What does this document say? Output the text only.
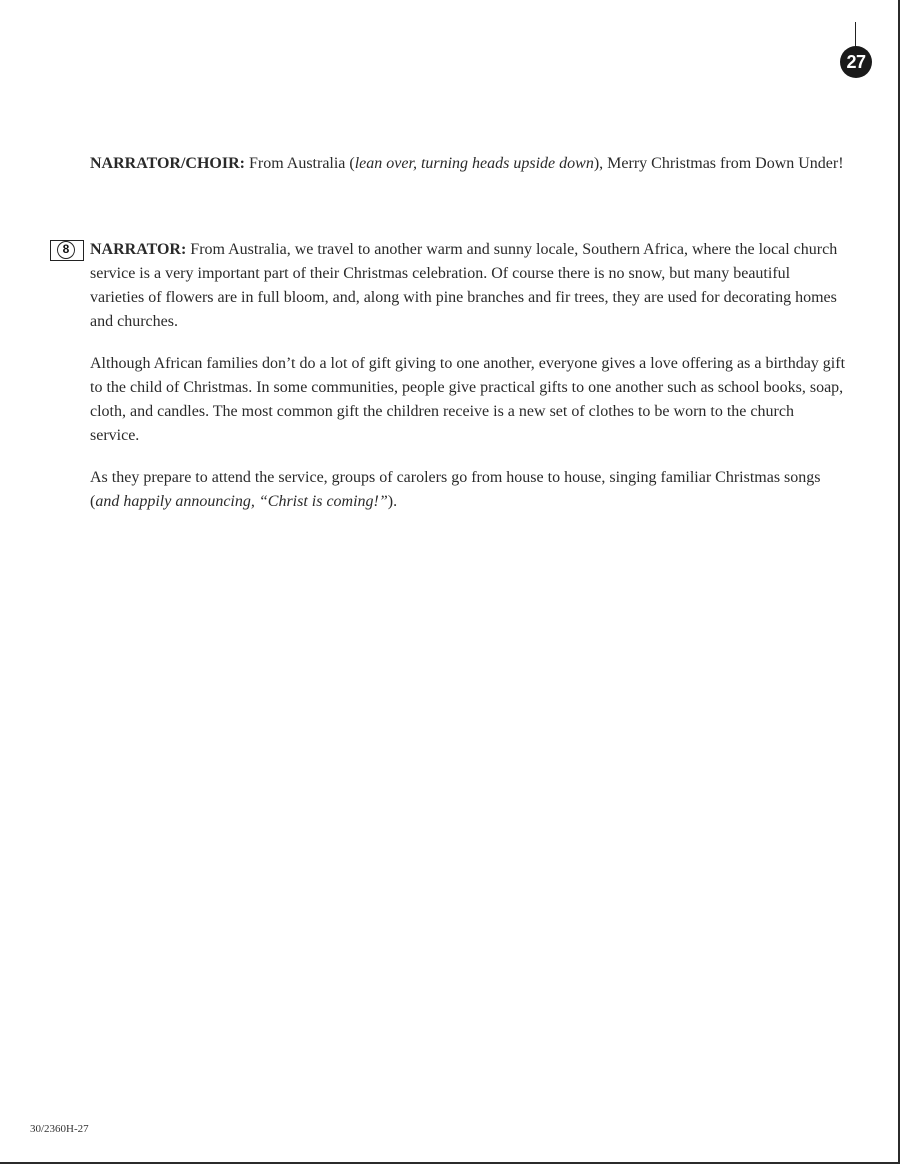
27

NARRATOR/CHOIR: From Australia (lean over, turning heads upside down), Merry Christmas from Down Under!

8	NARRATOR: From Australia, we travel to another warm and sunny locale, Southern Africa, where the local church service is a very important part of their Christmas celebration. Of course there is no snow, but many beautiful varieties of flowers are in full bloom, and, along with pine branches and fir trees, they are used for decorating homes and churches.

Although African families don’t do a lot of gift giving to one another, everyone gives a love offering as a birthday gift to the child of Christmas. In some communities, people give practical gifts to one another such as school books, soap, cloth, and candles. The most common gift the children receive is a new set of clothes to be worn to the church service.

As they prepare to attend the service, groups of carolers go from house to house, singing familiar Christmas songs (and happily announcing, “Christ is coming!”).

30/2360H-27
